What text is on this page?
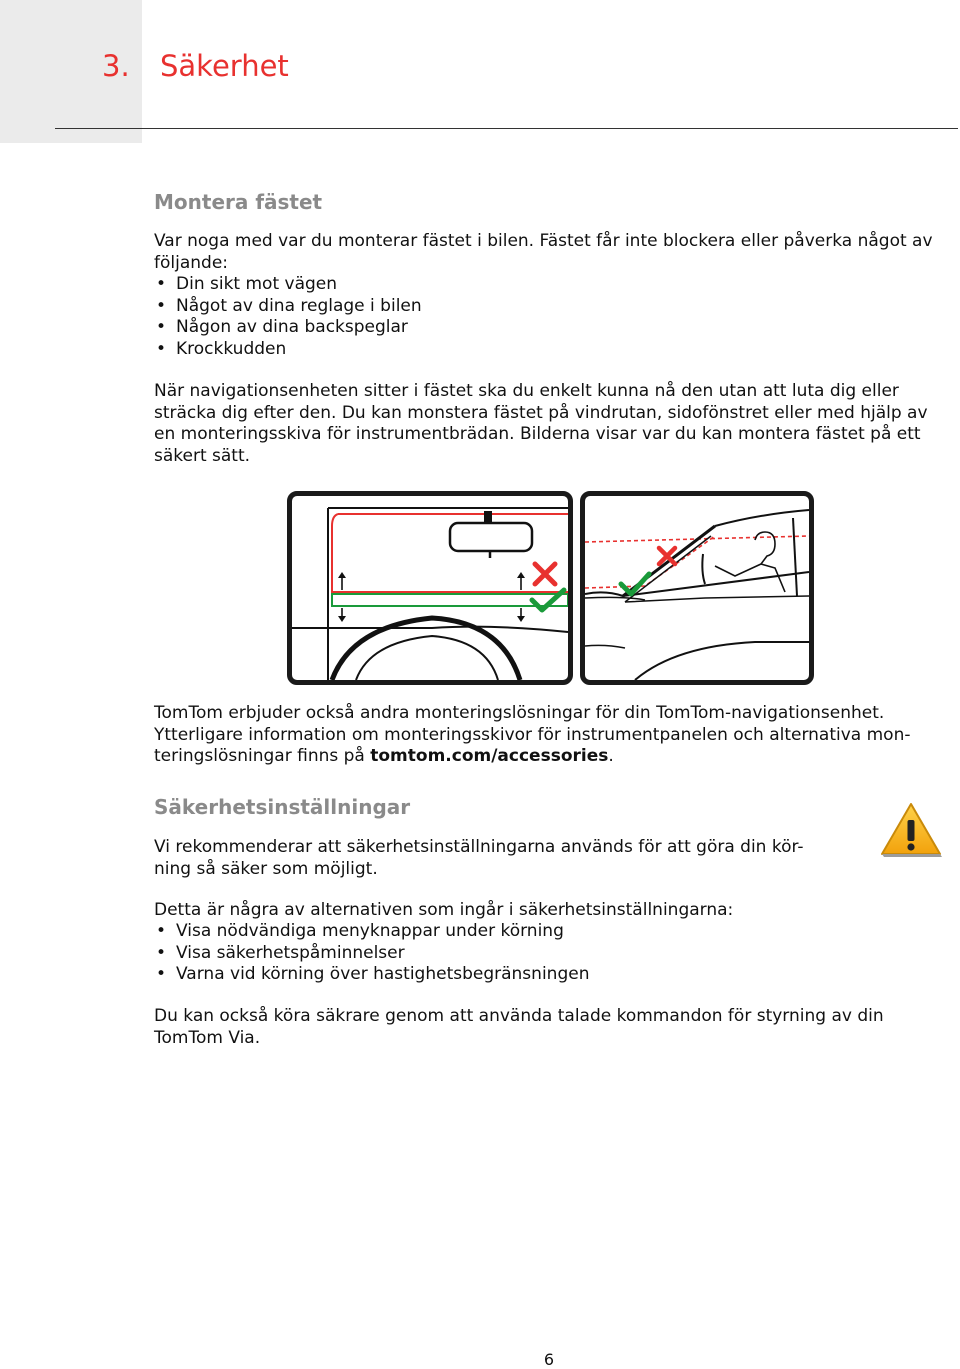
3. Säkerhet
Montera fästet

Var noga med var du monterar fästet i bilen. Fästet får inte blockera eller påverka något av
följande:

• Din sikt mot vägen
• Något av dina reglage i bilen
• Någon av dina backspeglar
• Krockkudden

När navigationsenheten sitter i fästet ska du enkelt kunna nå den utan att luta dig eller
sträcka dig efter den. Du kan monstera fästet på vindrutan, sidofönstret eller med hjälp av
en monteringsskiva för instrumentbrädan. Bilderna visar var du kan montera fästet på ett
säkert sätt.

TomTom erbjuder också andra monteringslösningar för din TomTom-navigationsenhet.
Ytterligare information om monteringsskivor för instrumentpanelen och alternativa mon-
teringslösningar finns på tomtom.com/accessories.

Säkerhetsinställningar

Vi rekommenderar att säkerhetsinställningarna används för att göra din kör-
ning så säker som möjligt.

Detta är några av alternativen som ingår i säkerhetsinställningarna:

• Visa nödvändiga menyknappar under körning
• Visa säkerhetspåminnelser
• Varna vid körning över hastighetsbegränsningen

Du kan också köra säkrare genom att använda talade kommandon för styrning av din
TomTom Via.

6
